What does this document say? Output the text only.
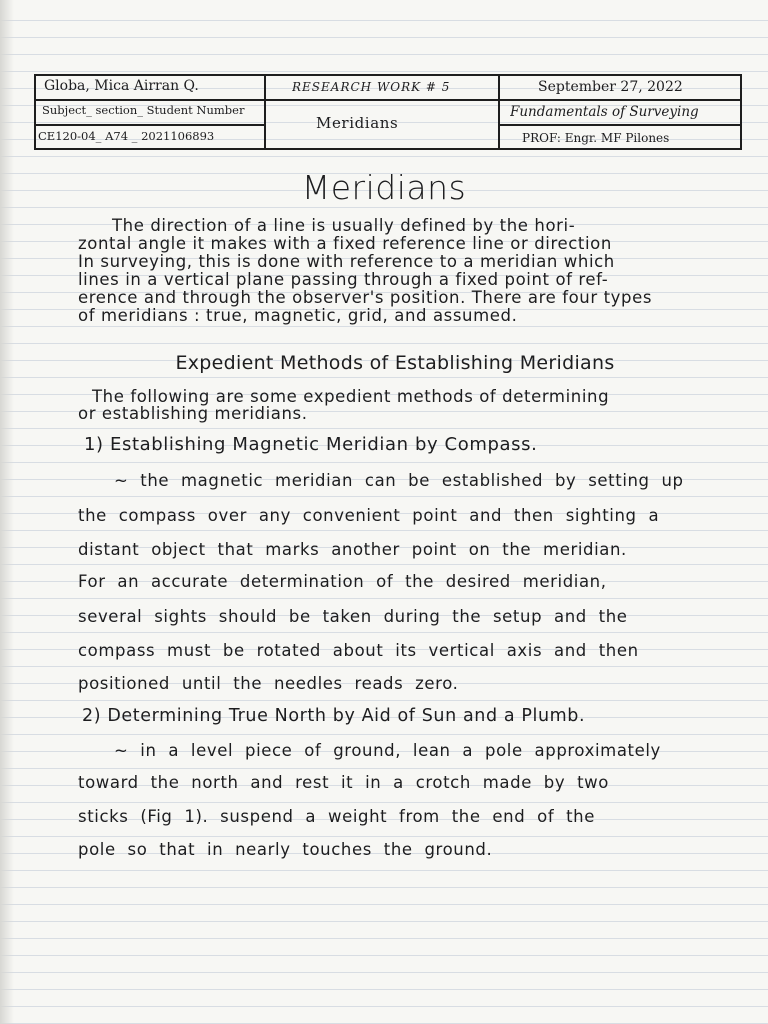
Globa, Mica Airran Q.
Subject_ section_ Student Number
CE120-04_ A74 _ 2021106893
RESEARCH WORK # 5
Meridians
September 27, 2022
Fundamentals of Surveying
PROF: Engr. MF Pilones
Meridians
The direction of a line is usually defined by the hori-
zontal angle it makes with a fixed reference line or direction
In surveying, this is done with reference to a meridian which
lines in a vertical plane passing through a fixed point of ref-
erence and through the observer's position. There are four types
of meridians : true, magnetic, grid, and assumed.
Expedient Methods of Establishing Meridians
The following are some expedient methods of determining
or establishing meridians.
1) Establishing Magnetic Meridian by Compass.
~ the magnetic meridian can be established by setting up
the compass over any convenient point and then sighting a
distant object that marks another point on the meridian.
For an accurate determination of the desired meridian,
several sights should be taken during the setup and the
compass must be rotated about its vertical axis and then
positioned until the needles reads zero.
2) Determining True North by Aid of Sun and a Plumb.
~ in a level piece of ground, lean a pole approximately
toward the north and rest it in a crotch made by two
sticks (Fig 1). suspend a weight from the end of the
pole so that in nearly touches the ground.
